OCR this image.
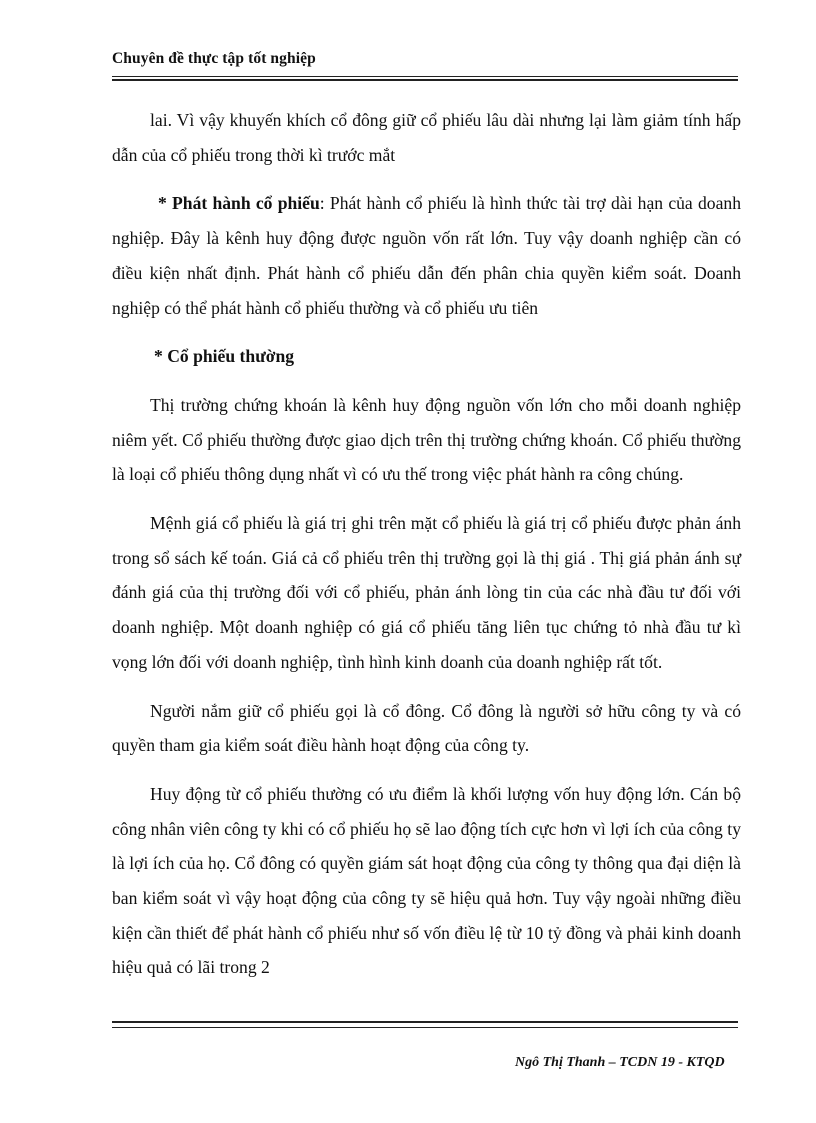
Chuyên đề thực tập tốt nghiệp

lai. Vì vậy khuyến khích cổ đông giữ cổ phiếu lâu dài nhưng lại làm giảm tính hấp dẫn của cổ phiếu trong thời kì trước mắt

* Phát hành cổ phiếu: Phát hành cổ phiếu là hình thức tài trợ dài hạn của doanh nghiệp. Đây là kênh huy động được nguồn vốn rất lớn. Tuy vậy doanh nghiệp cần có điều kiện nhất định. Phát hành cổ phiếu dẫn đến phân chia quyền kiểm soát. Doanh nghiệp có thể phát hành cổ phiếu thường và cổ phiếu ưu tiên

* Cổ phiếu thường

Thị trường chứng khoán là kênh huy động nguồn vốn lớn cho mỗi doanh nghiệp niêm yết. Cổ phiếu thường được giao dịch trên thị trường chứng khoán. Cổ phiếu thường là loại cổ phiếu thông dụng nhất vì có ưu thế trong việc phát hành ra công chúng.

Mệnh giá cổ phiếu là giá trị ghi trên mặt cổ phiếu là giá trị cổ phiếu được phản ánh trong sổ sách kế toán. Giá cả cổ phiếu trên thị trường gọi là thị giá . Thị giá phản ánh sự đánh giá của thị trường đối với cổ phiếu, phản ánh lòng tin của các nhà đầu tư đối với doanh nghiệp. Một doanh nghiệp có giá cổ phiếu tăng liên tục chứng tỏ nhà đầu tư kì vọng lớn đối với doanh nghiệp, tình hình kinh doanh của doanh nghiệp rất tốt.

Người nắm giữ cổ phiếu gọi là cổ đông. Cổ đông là người sở hữu công ty và có quyền tham gia kiểm soát điều hành hoạt động của công ty.

Huy động từ cổ phiếu thường có ưu điểm là khối lượng vốn huy động lớn. Cán bộ công nhân viên công ty khi có cổ phiếu họ sẽ lao động tích cực hơn vì lợi ích của công ty là lợi ích của họ. Cổ đông có quyền giám sát hoạt động của công ty thông qua đại diện là ban kiểm soát vì vậy hoạt động của công ty sẽ hiệu quả hơn. Tuy vậy ngoài những điều kiện cần thiết để phát hành cổ phiếu như số vốn điều lệ từ 10 tỷ đồng và phải kinh doanh hiệu quả có lãi trong 2

Ngô Thị Thanh – TCDN 19 - KTQD
